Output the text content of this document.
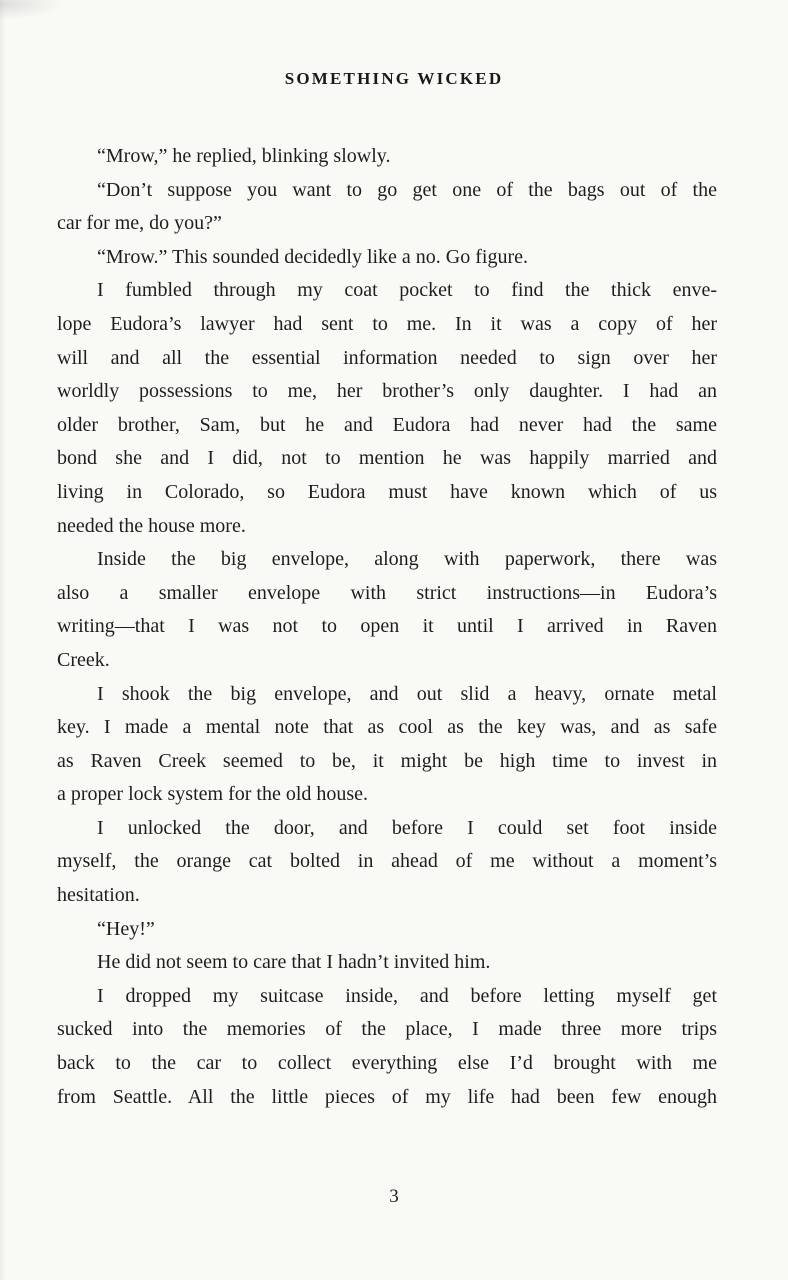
SOMETHING WICKED
“Mrow,” he replied, blinking slowly.
“Don’t suppose you want to go get one of the bags out of the
car for me, do you?”
“Mrow.” This sounded decidedly like a no. Go figure.
I fumbled through my coat pocket to find the thick enve-
lope Eudora’s lawyer had sent to me. In it was a copy of her
will and all the essential information needed to sign over her
worldly possessions to me, her brother’s only daughter. I had an
older brother, Sam, but he and Eudora had never had the same
bond she and I did, not to mention he was happily married and
living in Colorado, so Eudora must have known which of us
needed the house more.
Inside the big envelope, along with paperwork, there was
also a smaller envelope with strict instructions—in Eudora’s
writing—that I was not to open it until I arrived in Raven
Creek.
I shook the big envelope, and out slid a heavy, ornate metal
key. I made a mental note that as cool as the key was, and as safe
as Raven Creek seemed to be, it might be high time to invest in
a proper lock system for the old house.
I unlocked the door, and before I could set foot inside
myself, the orange cat bolted in ahead of me without a moment’s
hesitation.
“Hey!”
He did not seem to care that I hadn’t invited him.
I dropped my suitcase inside, and before letting myself get
sucked into the memories of the place, I made three more trips
back to the car to collect everything else I’d brought with me
from Seattle. All the little pieces of my life had been few enough
3
